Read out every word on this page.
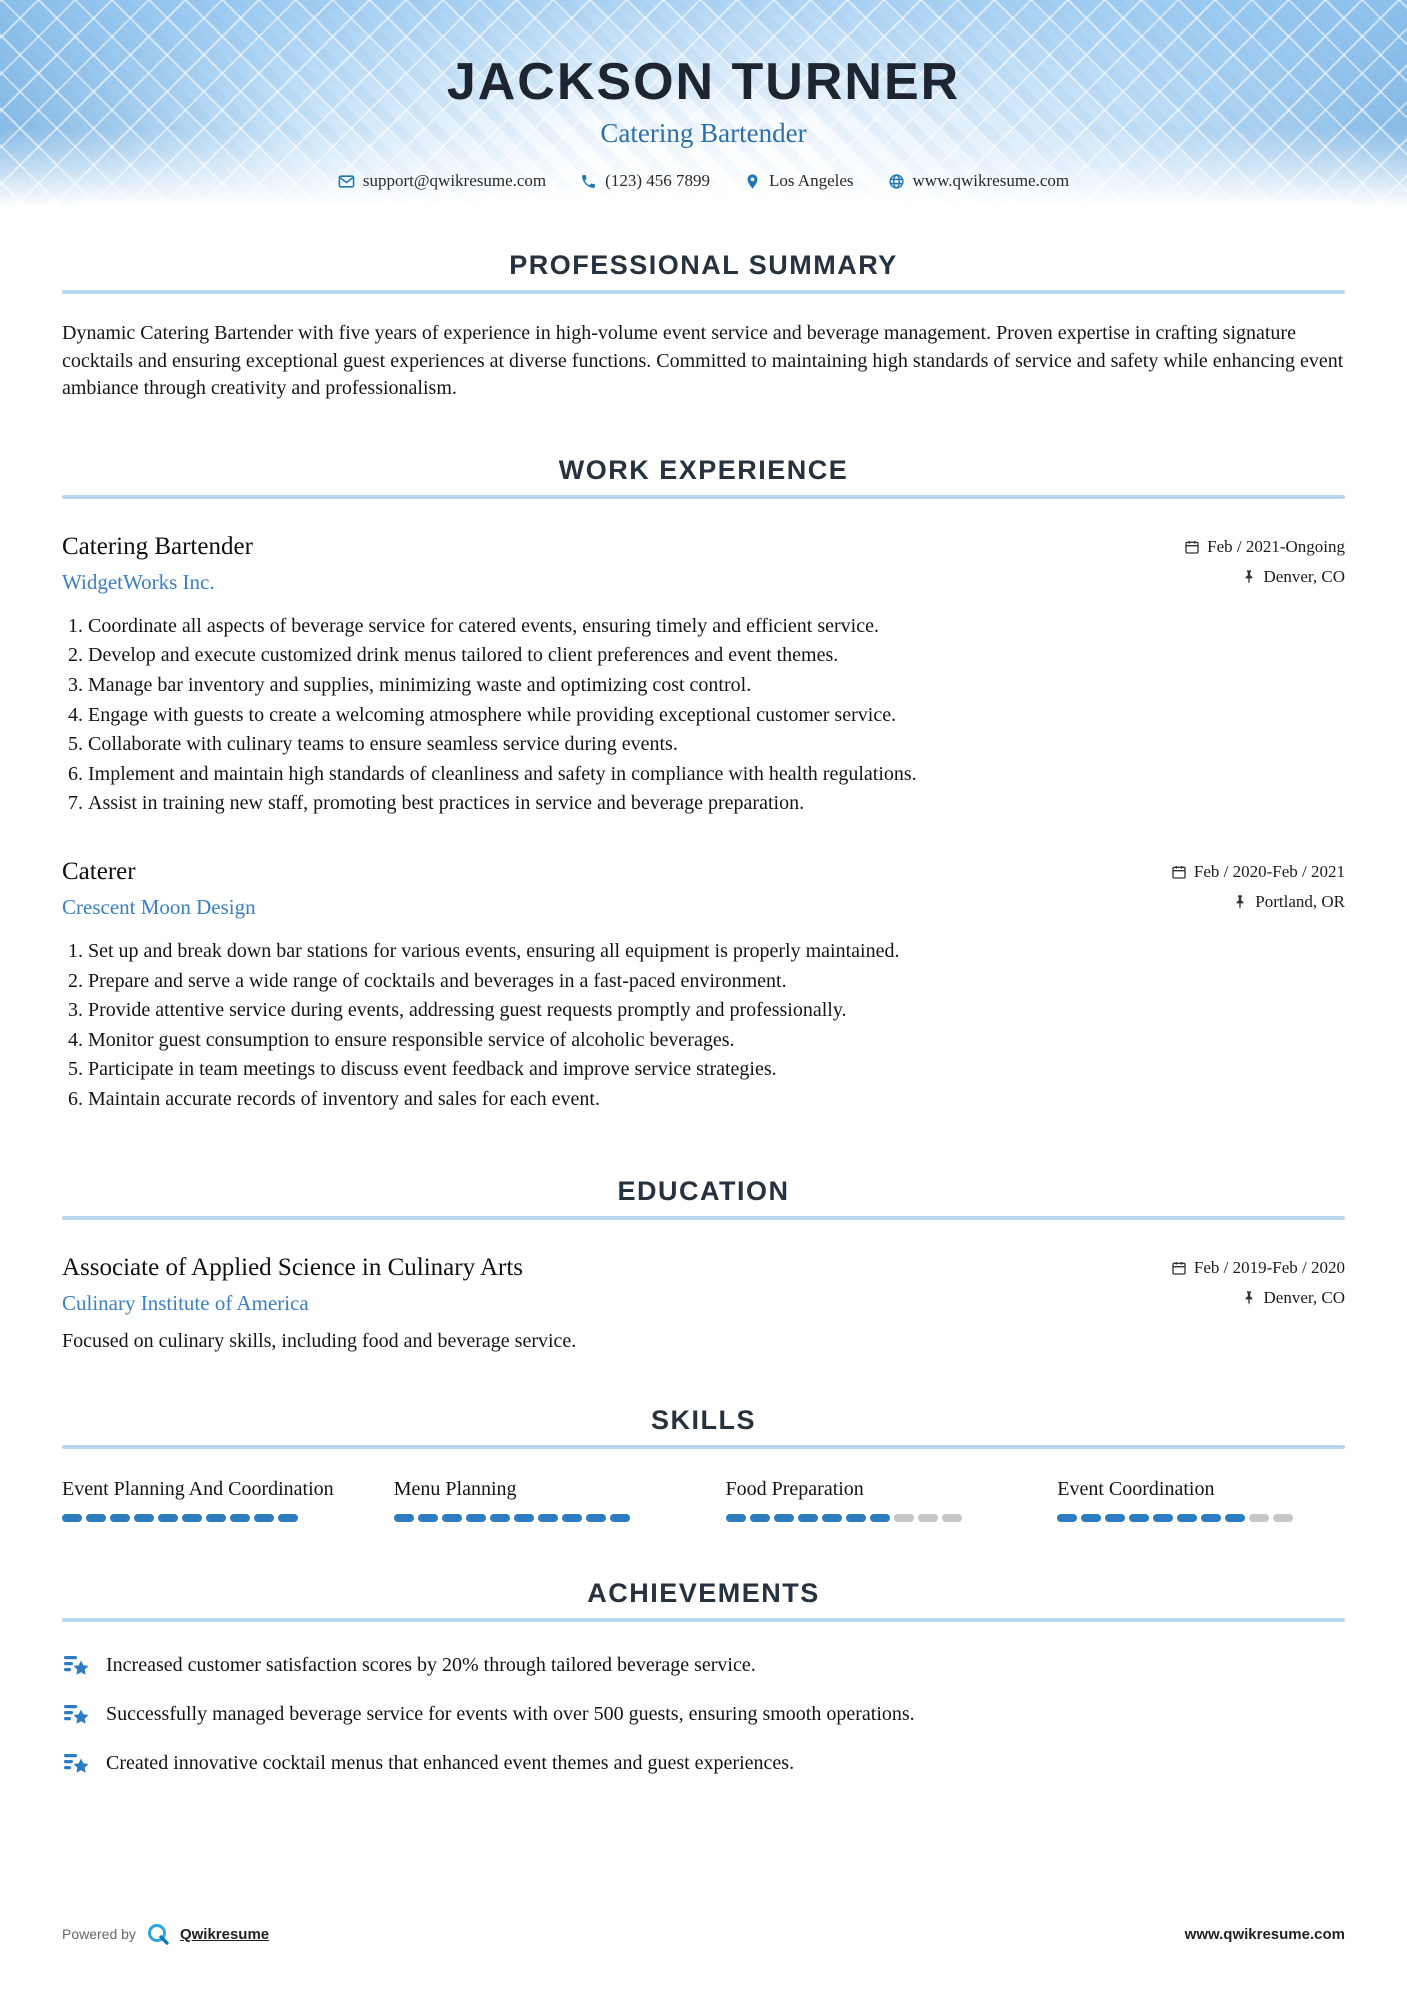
JACKSON TURNER
Catering Bartender
support@qwikresume.com	(123) 456 7899	Los Angeles	www.qwikresume.com
PROFESSIONAL SUMMARY

Dynamic Catering Bartender with five years of experience in high-volume event service and beverage management. Proven expertise in crafting signature cocktails and ensuring exceptional guest experiences at diverse functions. Committed to maintaining high standards of service and safety while enhancing event ambiance through creativity and professionalism.

WORK EXPERIENCE
Catering Bartender
WidgetWorks Inc.
Feb / 2021-Ongoing
Denver, CO
1. Coordinate all aspects of beverage service for catered events, ensuring timely and efficient service.
2. Develop and execute customized drink menus tailored to client preferences and event themes.
3. Manage bar inventory and supplies, minimizing waste and optimizing cost control.
4. Engage with guests to create a welcoming atmosphere while providing exceptional customer service.
5. Collaborate with culinary teams to ensure seamless service during events.
6. Implement and maintain high standards of cleanliness and safety in compliance with health regulations.
7. Assist in training new staff, promoting best practices in service and beverage preparation.
Caterer
Crescent Moon Design
Feb / 2020-Feb / 2021
Portland, OR
1. Set up and break down bar stations for various events, ensuring all equipment is properly maintained.
2. Prepare and serve a wide range of cocktails and beverages in a fast-paced environment.
3. Provide attentive service during events, addressing guest requests promptly and professionally.
4. Monitor guest consumption to ensure responsible service of alcoholic beverages.
5. Participate in team meetings to discuss event feedback and improve service strategies.
6. Maintain accurate records of inventory and sales for each event.
EDUCATION
Associate of Applied Science in Culinary Arts
Culinary Institute of America
Feb / 2019-Feb / 2020
Denver, CO
Focused on culinary skills, including food and beverage service.
SKILLS
Event Planning And Coordination	Menu Planning	Food Preparation	Event Coordination
ACHIEVEMENTS
Increased customer satisfaction scores by 20% through tailored beverage service.
Successfully managed beverage service for events with over 500 guests, ensuring smooth operations.
Created innovative cocktail menus that enhanced event themes and guest experiences.
Powered by	Qwikresume	www.qwikresume.com
